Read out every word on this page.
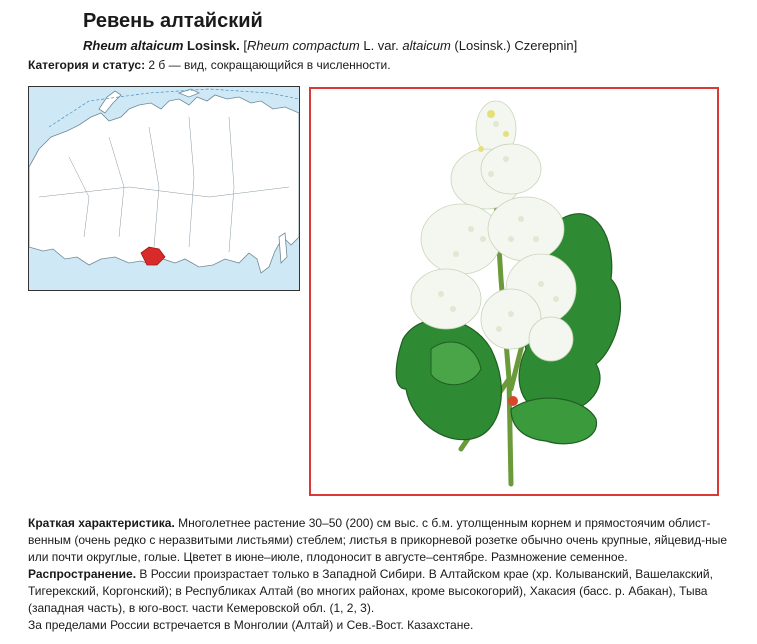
Ревень алтайский
Rheum altaicum Losinsk. [Rheum compactum L. var. altaicum (Losinsk.) Czerepnin]
Категория и статус: 2 б — вид, сокращающийся в численности.

Краткая характеристика. Многолетнее растение 30–50 (200) см выс. с б.м. утолщенным корнем и прямостоячим облист-венным (очень редко с неразвитыми листьями) стеблем; листья в прикорневой розетке обычно очень крупные, яйцевид-ные или почти округлые, голые. Цветет в июне–июле, плодоносит в августе–сентябре. Размножение семенное.

Распространение. В России произрастает только в Западной Сибири. В Алтайском крае (хр. Колыванский, Вашелакский, Тигерекский, Коргонский); в Республиках Алтай (во многих районах, кроме высокогорий), Хакасия (басс. р. Абакан), Тыва (западная часть), в юго-вост. части Кемеровской обл. (1, 2, 3).

За пределами России встречается в Монголии (Алтай) и Сев.-Вост. Казахстане.
